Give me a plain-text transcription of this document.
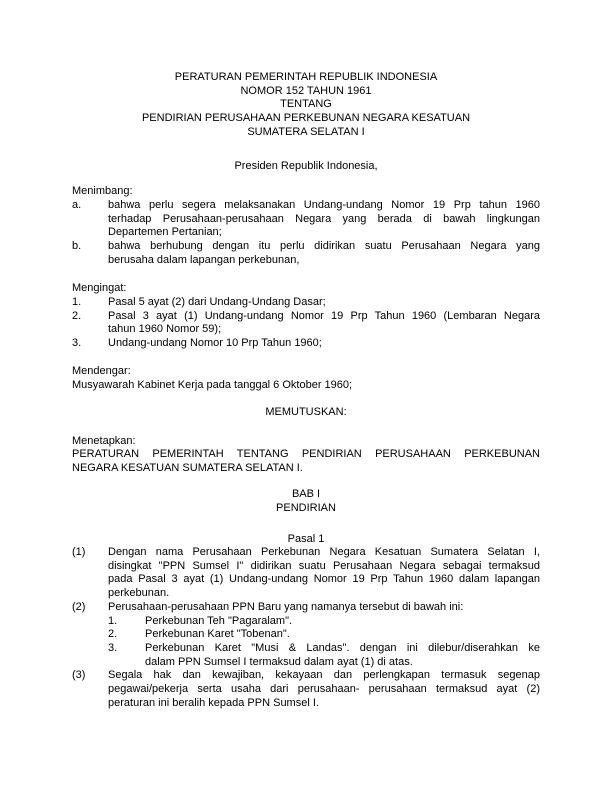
PERATURAN PEMERINTAH REPUBLIK INDONESIA
NOMOR 152 TAHUN 1961
TENTANG
PENDIRIAN PERUSAHAAN PERKEBUNAN NEGARA KESATUAN
SUMATERA SELATAN I
Presiden Republik Indonesia,
Menimbang:
a. bahwa perlu segera melaksanakan Undang-undang Nomor 19 Prp tahun 1960
terhadap Perusahaan-perusahaan Negara yang berada di bawah lingkungan
Departemen Pertanian;
b. bahwa berhubung dengan itu perlu didirikan suatu Perusahaan Negara yang
berusaha dalam lapangan perkebunan,
Mengingat:
1. Pasal 5 ayat (2) dari Undang-Undang Dasar;
2. Pasal 3 ayat (1) Undang-undang Nomor 19 Prp Tahun 1960 (Lembaran Negara
tahun 1960 Nomor 59);
3. Undang-undang Nomor 10 Prp Tahun 1960;
Mendengar:
Musyawarah Kabinet Kerja pada tanggal 6 Oktober 1960;
MEMUTUSKAN:
Menetapkan:
PERATURAN PEMERINTAH TENTANG PENDIRIAN PERUSAHAAN PERKEBUNAN
NEGARA KESATUAN SUMATERA SELATAN I.
BAB I
PENDIRIAN
Pasal 1
(1) Dengan nama Perusahaan Perkebunan Negara Kesatuan Sumatera Selatan I,
disingkat "PPN Sumsel I" didirikan suatu Perusahaan Negara sebagai termaksud
pada Pasal 3 ayat (1) Undang-undang Nomor 19 Prp Tahun 1960 dalam lapangan
perkebunan.
(2) Perusahaan-perusahaan PPN Baru yang namanya tersebut di bawah ini:
1.	Perkebunan Teh "Pagaralam".
2.	Perkebunan Karet "Tobenan".
3.	Perkebunan Karet "Musi & Landas". dengan ini dilebur/diserahkan ke
dalam PPN Sumsel I termaksud dalam ayat (1) di atas.
(3) Segala hak dan kewajiban, kekayaan dan perlengkapan termasuk segenap
pegawai/pekerja serta usaha dari perusahaan- perusahaan termaksud ayat (2)
peraturan ini beralih kepada PPN Sumsel I.
